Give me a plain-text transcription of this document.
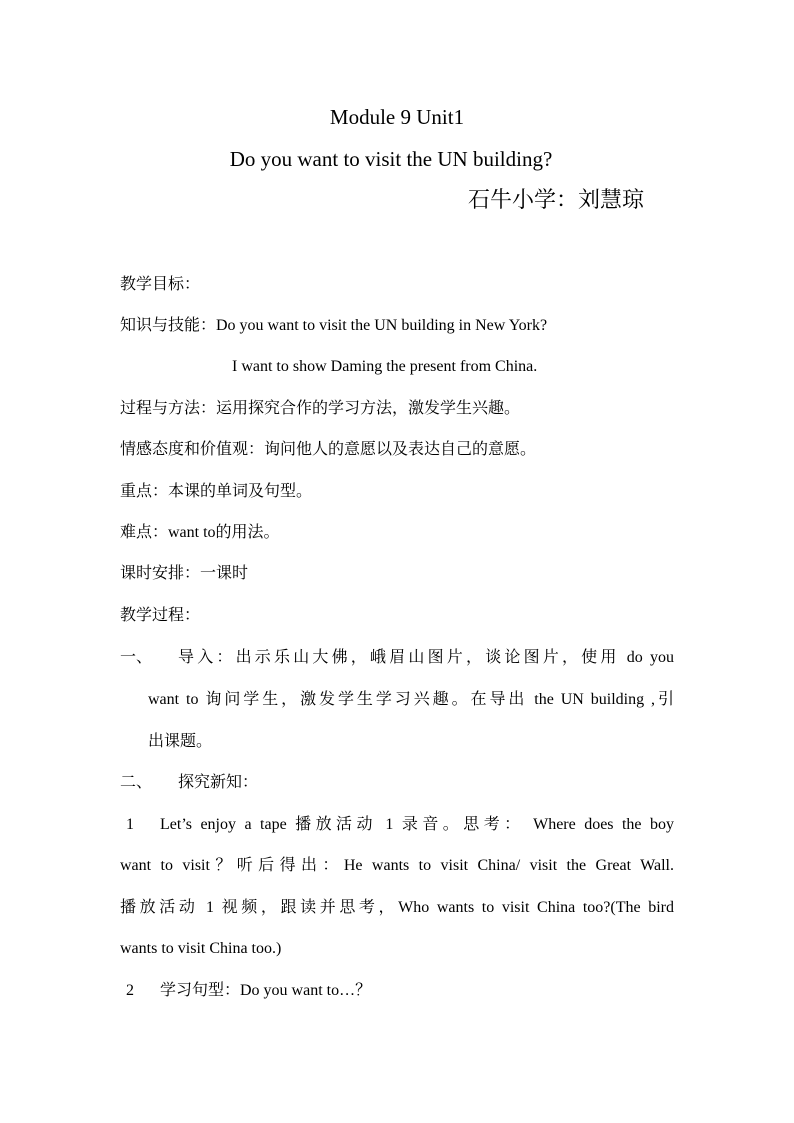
Module 9 Unit1
Do you want to visit the UN building?
石牛小学：刘慧琼
教学目标：
知识与技能：Do you want to visit the UN building in New York?
I want to show Daming the present from China.
过程与方法：运用探究合作的学习方法，激发学生兴趣。
情感态度和价值观：询问他人的意愿以及表达自己的意愿。
重点：本课的单词及句型。
难点：want to的用法。
课时安排：一课时
教学过程：
一、 导入：出示乐山大佛，峨眉山图片，谈论图片，使用 do you
want to 询问学生，激发学生学习兴趣。在导出 the UN building ,引
出课题。
二、 探究新知：
1 Let’s enjoy a tape 播放活动 1 录音。思考： Where does the boy
want to visit？听后得出：He wants to visit China/ visit the Great Wall.
播放活动 1 视频，跟读并思考，Who wants to visit China too?(The bird
wants to visit China too.)
2 学习句型：Do you want to…？
